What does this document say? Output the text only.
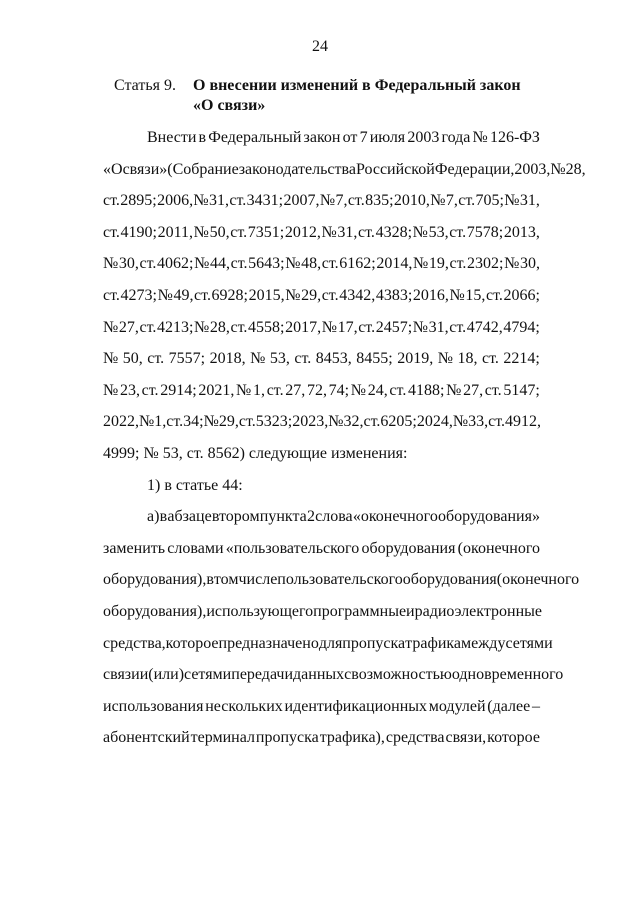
24
Статья 9. О внесении изменений в Федеральный закон
«О связи»
Внести в Федеральный закон от 7 июля 2003 года № 126-ФЗ
«О связи» (Собрание законодательства Российской Федерации, 2003, № 28,
ст. 2895; 2006, № 31, ст. 3431; 2007, № 7, ст. 835; 2010, № 7, ст. 705; № 31,
ст. 4190; 2011, № 50, ст. 7351; 2012, № 31, ст. 4328; № 53, ст. 7578; 2013,
№ 30, ст. 4062; № 44, ст. 5643; № 48, ст. 6162; 2014, № 19, ст. 2302; № 30,
ст. 4273; № 49, ст. 6928; 2015, № 29, ст. 4342, 4383; 2016, № 15, ст. 2066;
№ 27, ст. 4213; № 28, ст. 4558; 2017, № 17, ст. 2457; № 31, ст. 4742, 4794;
№ 50, ст. 7557; 2018, № 53, ст. 8453, 8455; 2019, № 18, ст. 2214;
№ 23, ст. 2914; 2021, № 1, ст. 27, 72, 74; № 24, ст. 4188; № 27, ст. 5147;
2022, № 1, ст. 34; № 29, ст. 5323; 2023, № 32, ст. 6205; 2024, № 33, ст. 4912,
4999; № 53, ст. 8562) следующие изменения:
1) в статье 44:
а) в абзаце втором пункта 2 слова «оконечного оборудования»
заменить словами «пользовательского оборудования (оконечного
оборудования), в том числе пользовательского оборудования (оконечного
оборудования), использующего программные и радиоэлектронные
средства, которое предназначено для пропуска трафика между сетями
связи и (или) сетями передачи данных с возможностью одновременного
использования нескольких идентификационных модулей (далее –
абонентский терминал пропуска трафика), средства связи, которое
